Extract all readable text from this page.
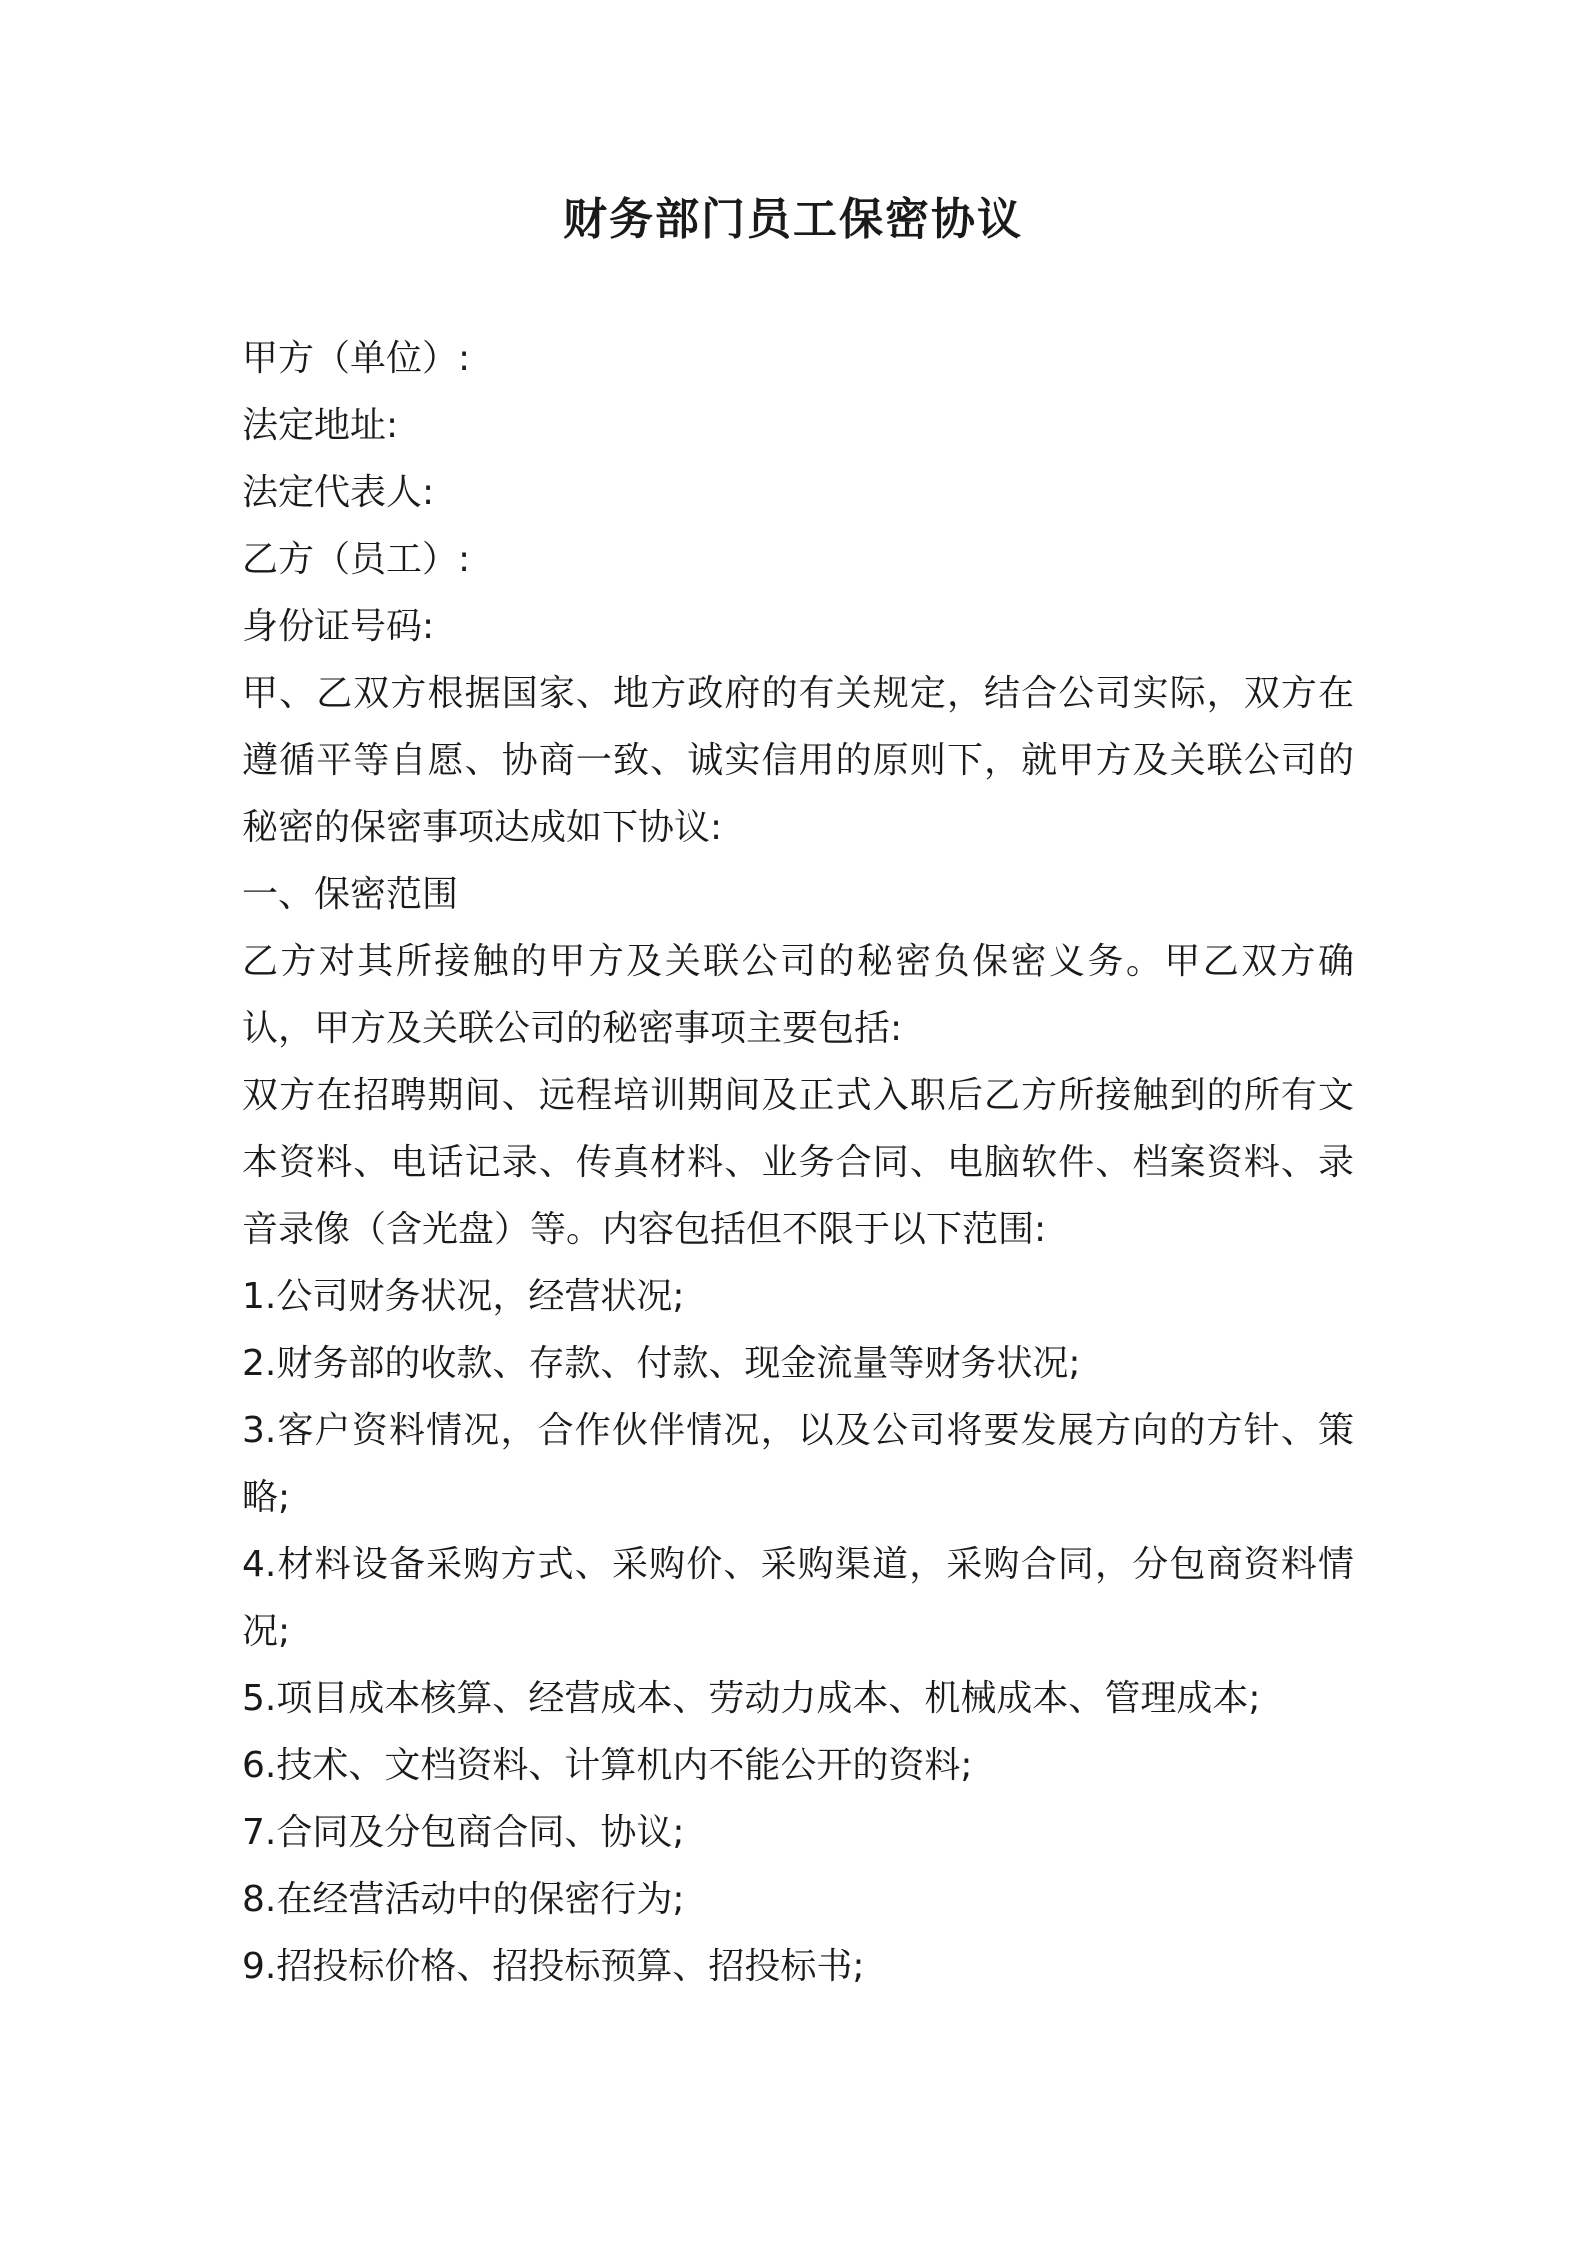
财务部门员工保密协议
甲方（单位）:
法定地址:
法定代表人:
乙方（员工）:
身份证号码:
甲、乙双方根据国家、地方政府的有关规定，结合公司实际，双方在
遵循平等自愿、协商一致、诚实信用的原则下，就甲方及关联公司的
秘密的保密事项达成如下协议:
一、保密范围
乙方对其所接触的甲方及关联公司的秘密负保密义务。甲乙双方确
认，甲方及关联公司的秘密事项主要包括:
双方在招聘期间、远程培训期间及正式入职后乙方所接触到的所有文
本资料、电话记录、传真材料、业务合同、电脑软件、档案资料、录
音录像（含光盘）等。内容包括但不限于以下范围:
1.公司财务状况，经营状况;
2.财务部的收款、存款、付款、现金流量等财务状况;
3.客户资料情况，合作伙伴情况，以及公司将要发展方向的方针、策
略;
4.材料设备采购方式、采购价、采购渠道，采购合同，分包商资料情
况;
5.项目成本核算、经营成本、劳动力成本、机械成本、管理成本;
6.技术、文档资料、计算机内不能公开的资料;
7.合同及分包商合同、协议;
8.在经营活动中的保密行为;
9.招投标价格、招投标预算、招投标书;
